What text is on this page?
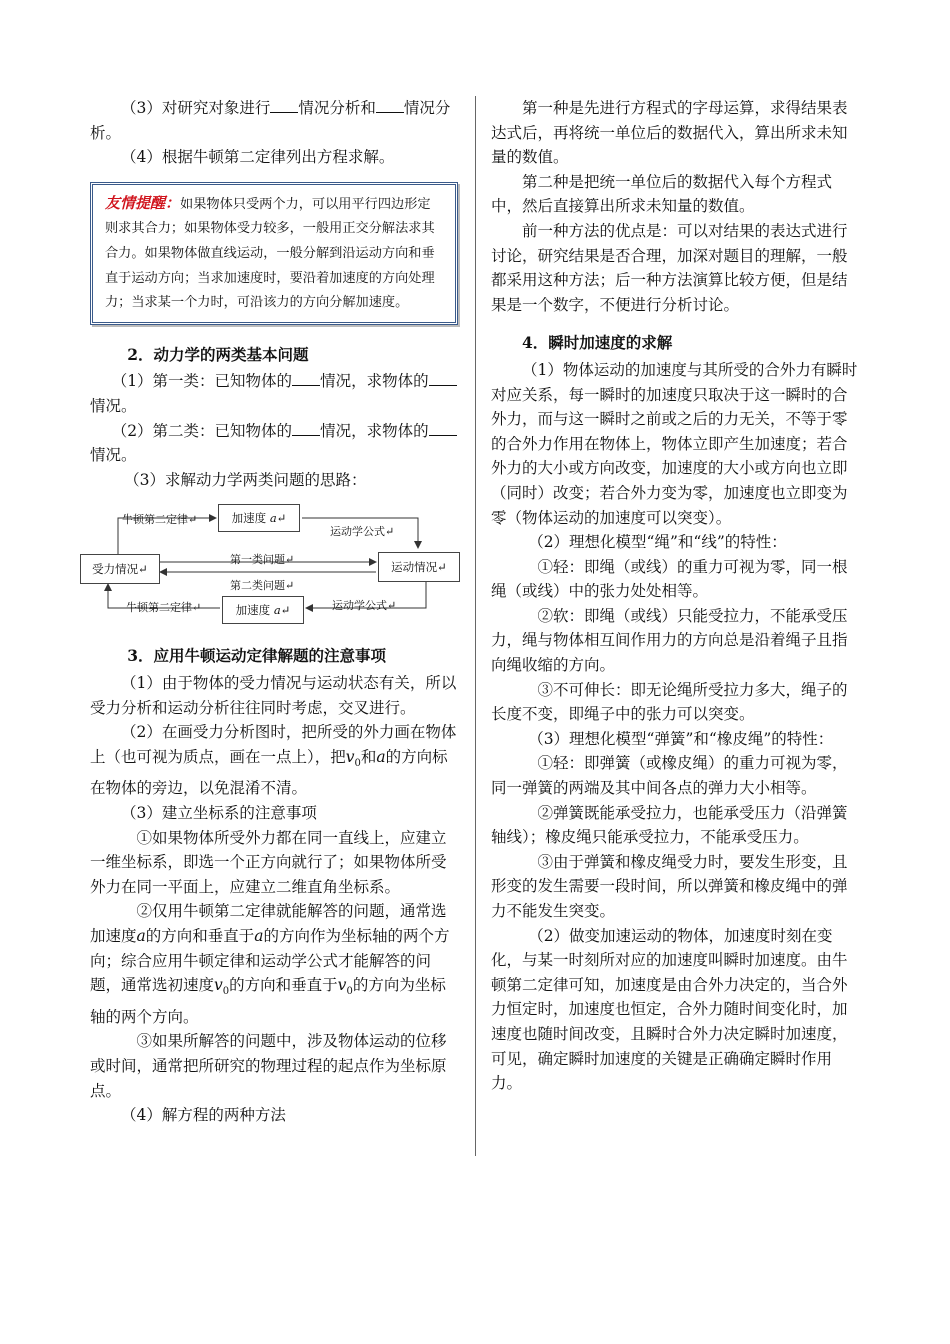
（3）对研究对象进行 情况分析和 情况分析。

（4）根据牛顿第二定律列出方程求解。

友情提醒：如果物体只受两个力，可以用平行四边形定则求其合力；如果物体受力较多，一般用正交分解法求其合力。如果物体做直线运动，一般分解到沿运动方向和垂直于运动方向；当求加速度时，要沿着加速度的方向处理力；当求某一个力时，可沿该力的方向分解加速度。

2．动力学的两类基本问题

（1）第一类：已知物体的 情况，求物体的情况。

（2）第二类：已知物体的 情况，求物体的情况。

（3）求解动力学两类问题的思路：

加速度
a ↵
受力情况↵	运动情况↵
加速度
a ↵
牛顿第二定律↵
运动学公式↵
第一类问题↵
第二类问题↵
牛顿第二定律↵	运动学公式↵

3．应用牛顿运动定律解题的注意事项

（1）由于物体的受力情况与运动状态有关，所以受力分析和运动分析往往同时考虑，交叉进行。

（2）在画受力分析图时，把所受的外力画在物体上（也可视为质点，画在一点上），把$v_0$和a的方向标在物体的旁边，以免混淆不清。

（3）建立坐标系的注意事项

①如果物体所受外力都在同一直线上，应建立一维坐标系，即选一个正方向就行了；如果物体所受外力在同一平面上，应建立二维直角坐标系。

②仅用牛顿第二定律就能解答的问题，通常选加速度a的方向和垂直于a的方向作为坐标轴的两个方向；综合应用牛顿定律和运动学公式才能解答的问题，通常选初速度$v_0$的方向和垂直于$v_0$的方向为坐标轴的两个方向。

③如果所解答的问题中，涉及物体运动的位移或时间，通常把所研究的物理过程的起点作为坐标原点。

（4）解方程的两种方法

第一种是先进行方程式的字母运算，求得结果表达式后，再将统一单位后的数据代入，算出所求未知量的数值。

第二种是把统一单位后的数据代入每个方程式中，然后直接算出所求未知量的数值。

前一种方法的优点是：可以对结果的表达式进行讨论，研究结果是否合理，加深对题目的理解，一般都采用这种方法；后一种方法演算比较方便，但是结果是一个数字，不便进行分析讨论。

4．瞬时加速度的求解

（1）物体运动的加速度与其所受的合外力有瞬时对应关系，每一瞬时的加速度只取决于这一瞬时的合外力，而与这一瞬时之前或之后的力无关，不等于零的合外力作用在物体上，物体立即产生加速度；若合外力的大小或方向改变，加速度的大小或方向也立即（同时）改变；若合外力变为零，加速度也立即变为零（物体运动的加速度可以突变）。

（2）理想化模型“绳”和“线”的特性：

①轻：即绳（或线）的重力可视为零，同一根绳（或线）中的张力处处相等。

②软：即绳（或线）只能受拉力，不能承受压力，绳与物体相互间作用力的方向总是沿着绳子且指向绳收缩的方向。

③不可伸长：即无论绳所受拉力多大，绳子的长度不变，即绳子中的张力可以突变。

（3）理想化模型“弹簧”和“橡皮绳”的特性：

①轻：即弹簧（或橡皮绳）的重力可视为零，同一弹簧的两端及其中间各点的弹力大小相等。

②弹簧既能承受拉力，也能承受压力（沿弹簧轴线）；橡皮绳只能承受拉力，不能承受压力。

③由于弹簧和橡皮绳受力时，要发生形变，且形变的发生需要一段时间，所以弹簧和橡皮绳中的弹力不能发生突变。

（2）做变加速运动的物体，加速度时刻在变化，与某一时刻所对应的加速度叫瞬时加速度。由牛顿第二定律可知，加速度是由合外力决定的，当合外力恒定时，加速度也恒定，合外力随时间变化时，加速度也随时间改变，且瞬时合外力决定瞬时加速度，可见，确定瞬时加速度的关键是正确确定瞬时作用力。
